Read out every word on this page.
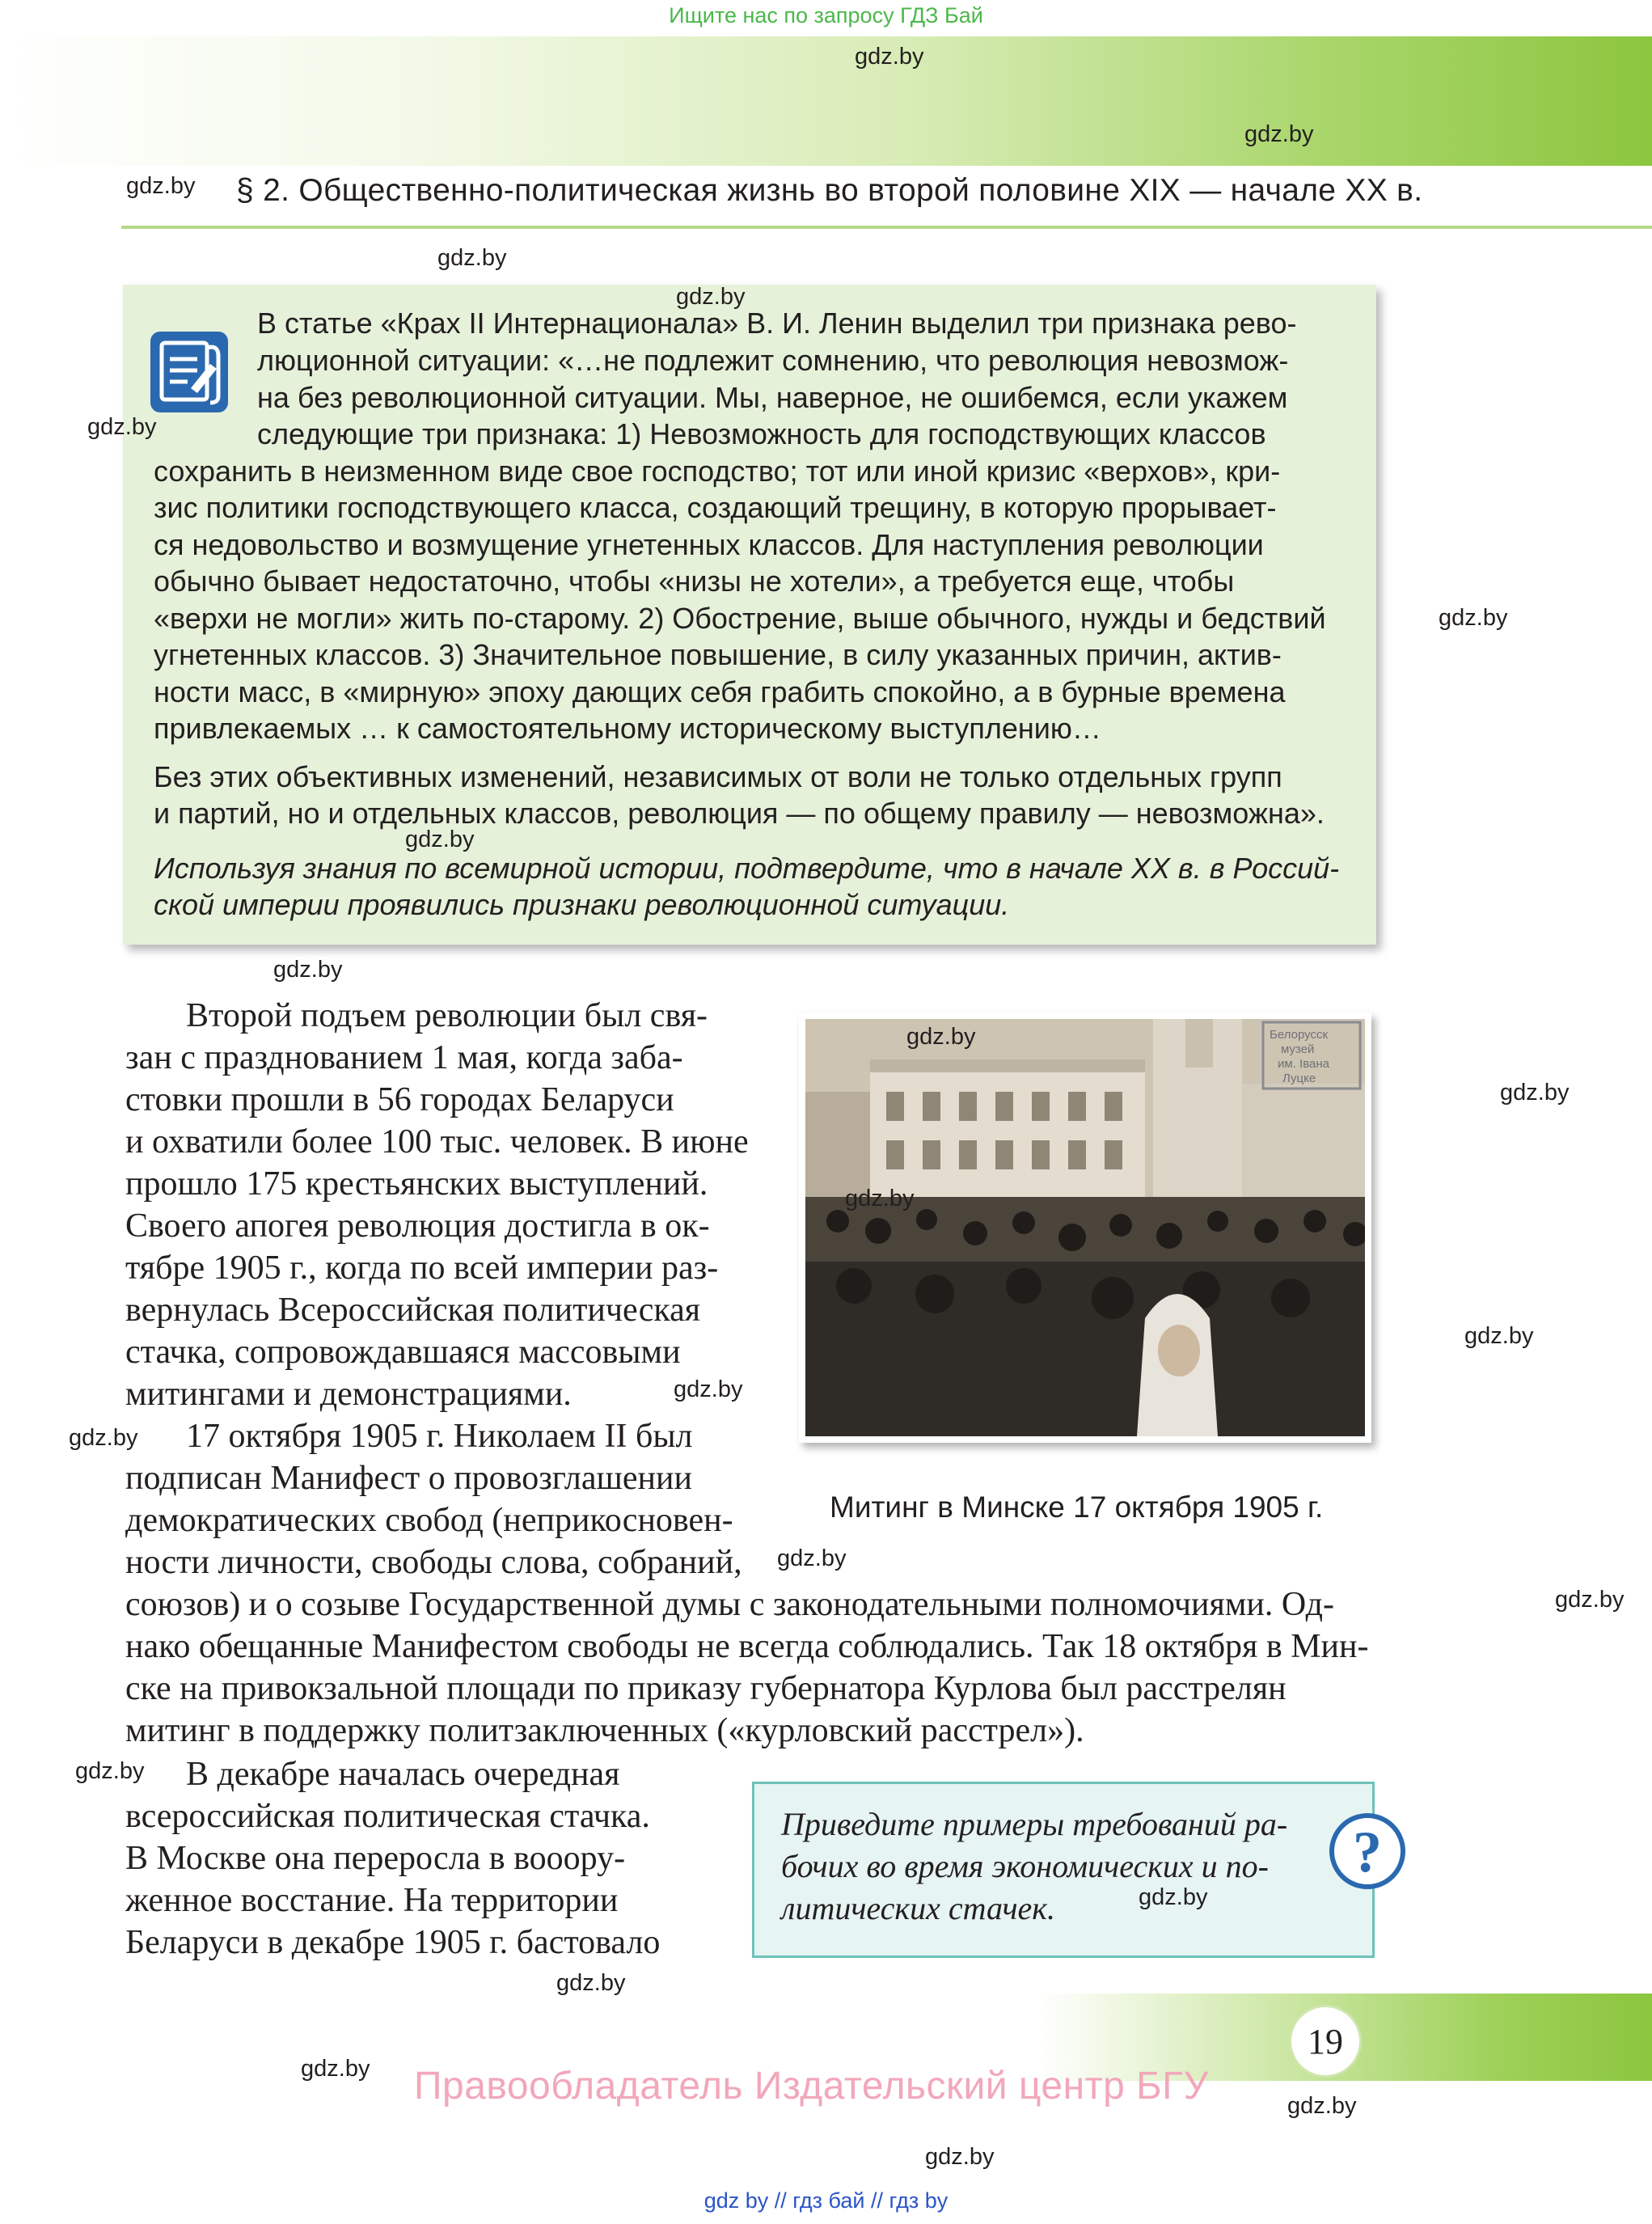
Ищите нас по запросу ГДЗ Бай
gdz.by
gdz.by
gdz.by § 2. Общественно-политическая жизнь во второй половине XIX — начале XX в.
gdz.by
gdz.by
gdz.by
В статье «Крах II Интернационала» В. И. Ленин выделил три признака рево-
люционной ситуации: «…не подлежит сомнению, что революция невозмож-
на без революционной ситуации. Мы, наверное, не ошибемся, если укажем
следующие три признака: 1) Невозможность для господствующих классов
сохранить в неизменном виде свое господство; тот или иной кризис «верхов», кри-
зис политики господствующего класса, создающий трещину, в которую прорывает-
ся недовольство и возмущение угнетенных классов. Для наступления революции
обычно бывает недостаточно, чтобы «низы не хотели», а требуется еще, чтобы
«верхи не могли» жить по-старому. 2) Обострение, выше обычного, нужды и бедствий
угнетенных классов. 3) Значительное повышение, в силу указанных причин, актив-
ности масс, в «мирную» эпоху дающих себя грабить спокойно, а в бурные времена
привлекаемых … к самостоятельному историческому выступлению…
Без этих объективных изменений, независимых от воли не только отдельных групп
и партий, но и отдельных классов, революция — по общему правилу — невозможна».
gdz.by
Используя знания по всемирной истории, подтвердите, что в начале XX в. в Россий-
ской империи проявились признаки революционной ситуации.
gdz.by
gdz.by
Второй подъем революции был свя-
зан с празднованием 1 мая, когда заба-
стовки прошли в 56 городах Беларуси
и охватили более 100 тыс. человек. В июне
прошло 175 крестьянских выступлений.
Своего апогея революция достигла в ок-
тябре 1905 г., когда по всей империи раз-
вернулась Всероссийская политическая
стачка, сопровождавшаяся массовыми
митингами и демонстрациями.
17 октября 1905 г. Николаем II был
подписан Манифест о провозглашении
демократических свобод (неприкосновен-
ности личности, свободы слова, собраний,
gdz.by
gdz.by
gdz.by
Белорусск
музей
им. Івана
Луцке
gdz.by
gdz.by
Митинг в Минске 17 октября 1905 г.
gdz.by
gdz.by
союзов) и о созыве Государственной думы с законодательными полномочиями. Од-
нако обещанные Манифестом свободы не всегда соблюдались. Так 18 октября в Мин-
ске на привокзальной площади по приказу губернатора Курлова был расстрелян
митинг в поддержку политзаключенных («курловский расстрел»).
gdz.by
gdz.by В декабре началась очередная
всероссийская политическая стачка.
В Москве она переросла в вооору-
женное восстание. На территории
Беларуси в декабре 1905 г. бастовало
Приведите примеры требований ра-
бочих во время экономических и по-
литических стачек.
?
gdz.by
gdz.by
19
gdz.by Правообладатель Издательский центр БГУ	gdz.by
gdz.by
gdz by // гдз бай // гдз by
